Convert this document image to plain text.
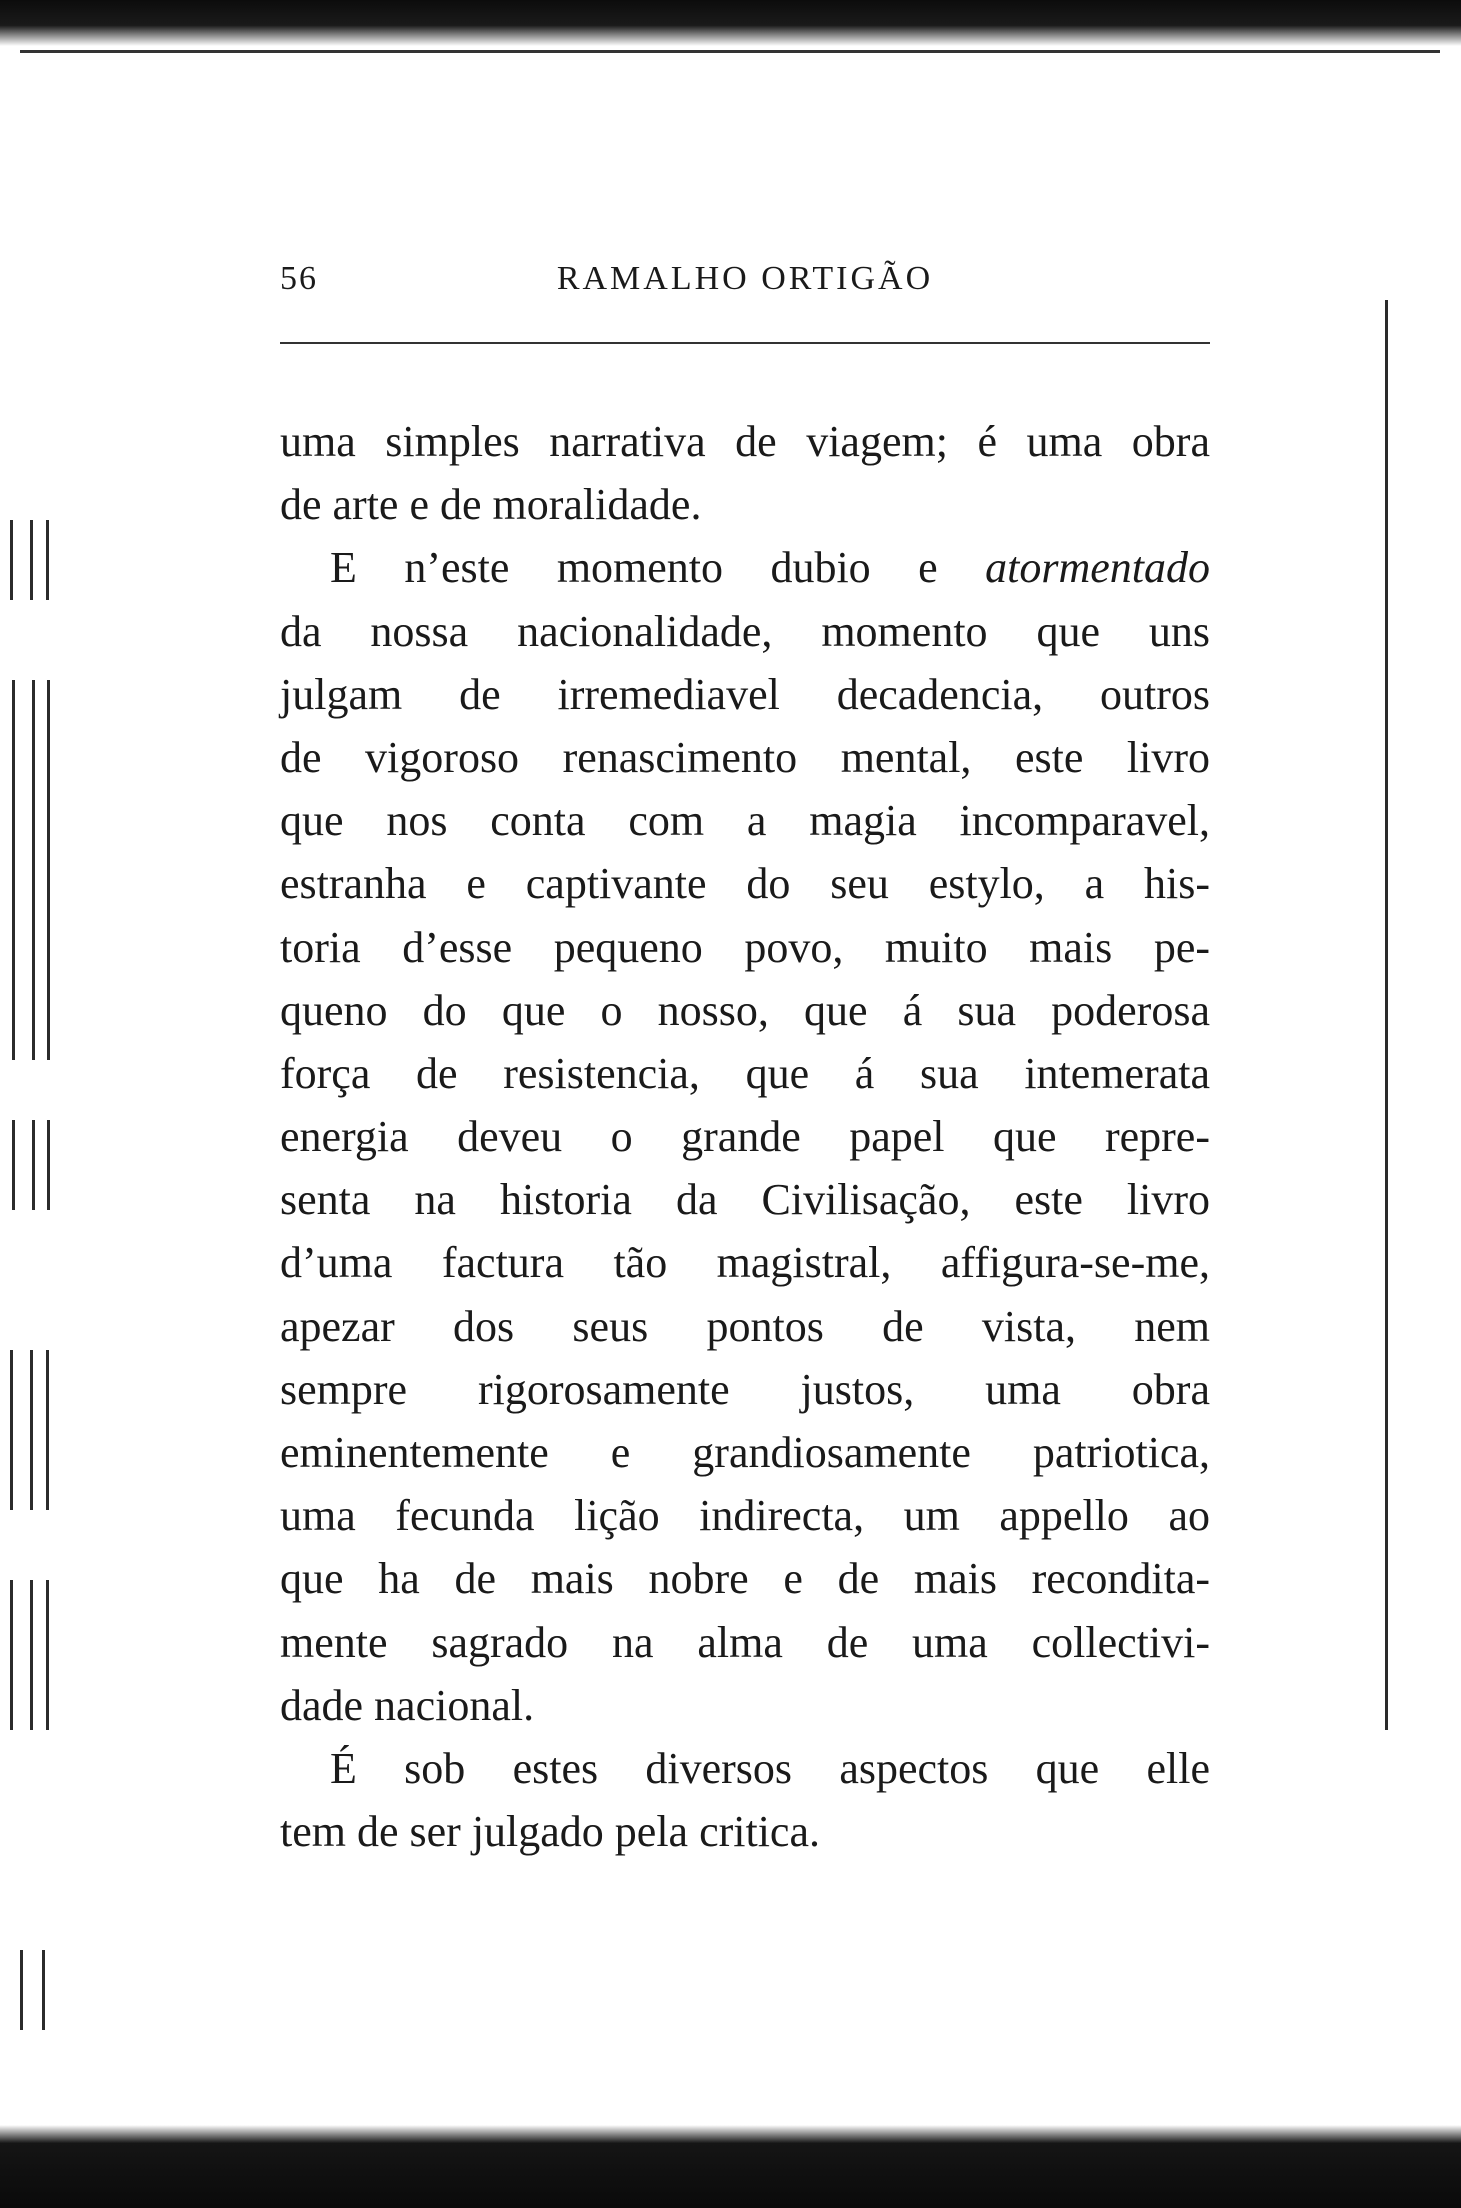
56	RAMALHO ORTIGÃO
uma simples narrativa de viagem; é uma obra
de arte e de moralidade.
E n’este momento dubio e atormentado
da nossa nacionalidade, momento que uns
julgam de irremediavel decadencia, outros
de vigoroso renascimento mental, este livro
que nos conta com a magia incomparavel,
estranha e captivante do seu estylo, a his-
toria d’esse pequeno povo, muito mais pe-
queno do que o nosso, que á sua poderosa
força de resistencia, que á sua intemerata
energia deveu o grande papel que repre-
senta na historia da Civilisação, este livro
d’uma factura tão magistral, affigura-se-me,
apezar dos seus pontos de vista, nem
sempre rigorosamente justos, uma obra
eminentemente e grandiosamente patriotica,
uma fecunda lição indirecta, um appello ao
que ha de mais nobre e de mais recondita-
mente sagrado na alma de uma collectivi-
dade nacional.
É sob estes diversos aspectos que elle
tem de ser julgado pela critica.
